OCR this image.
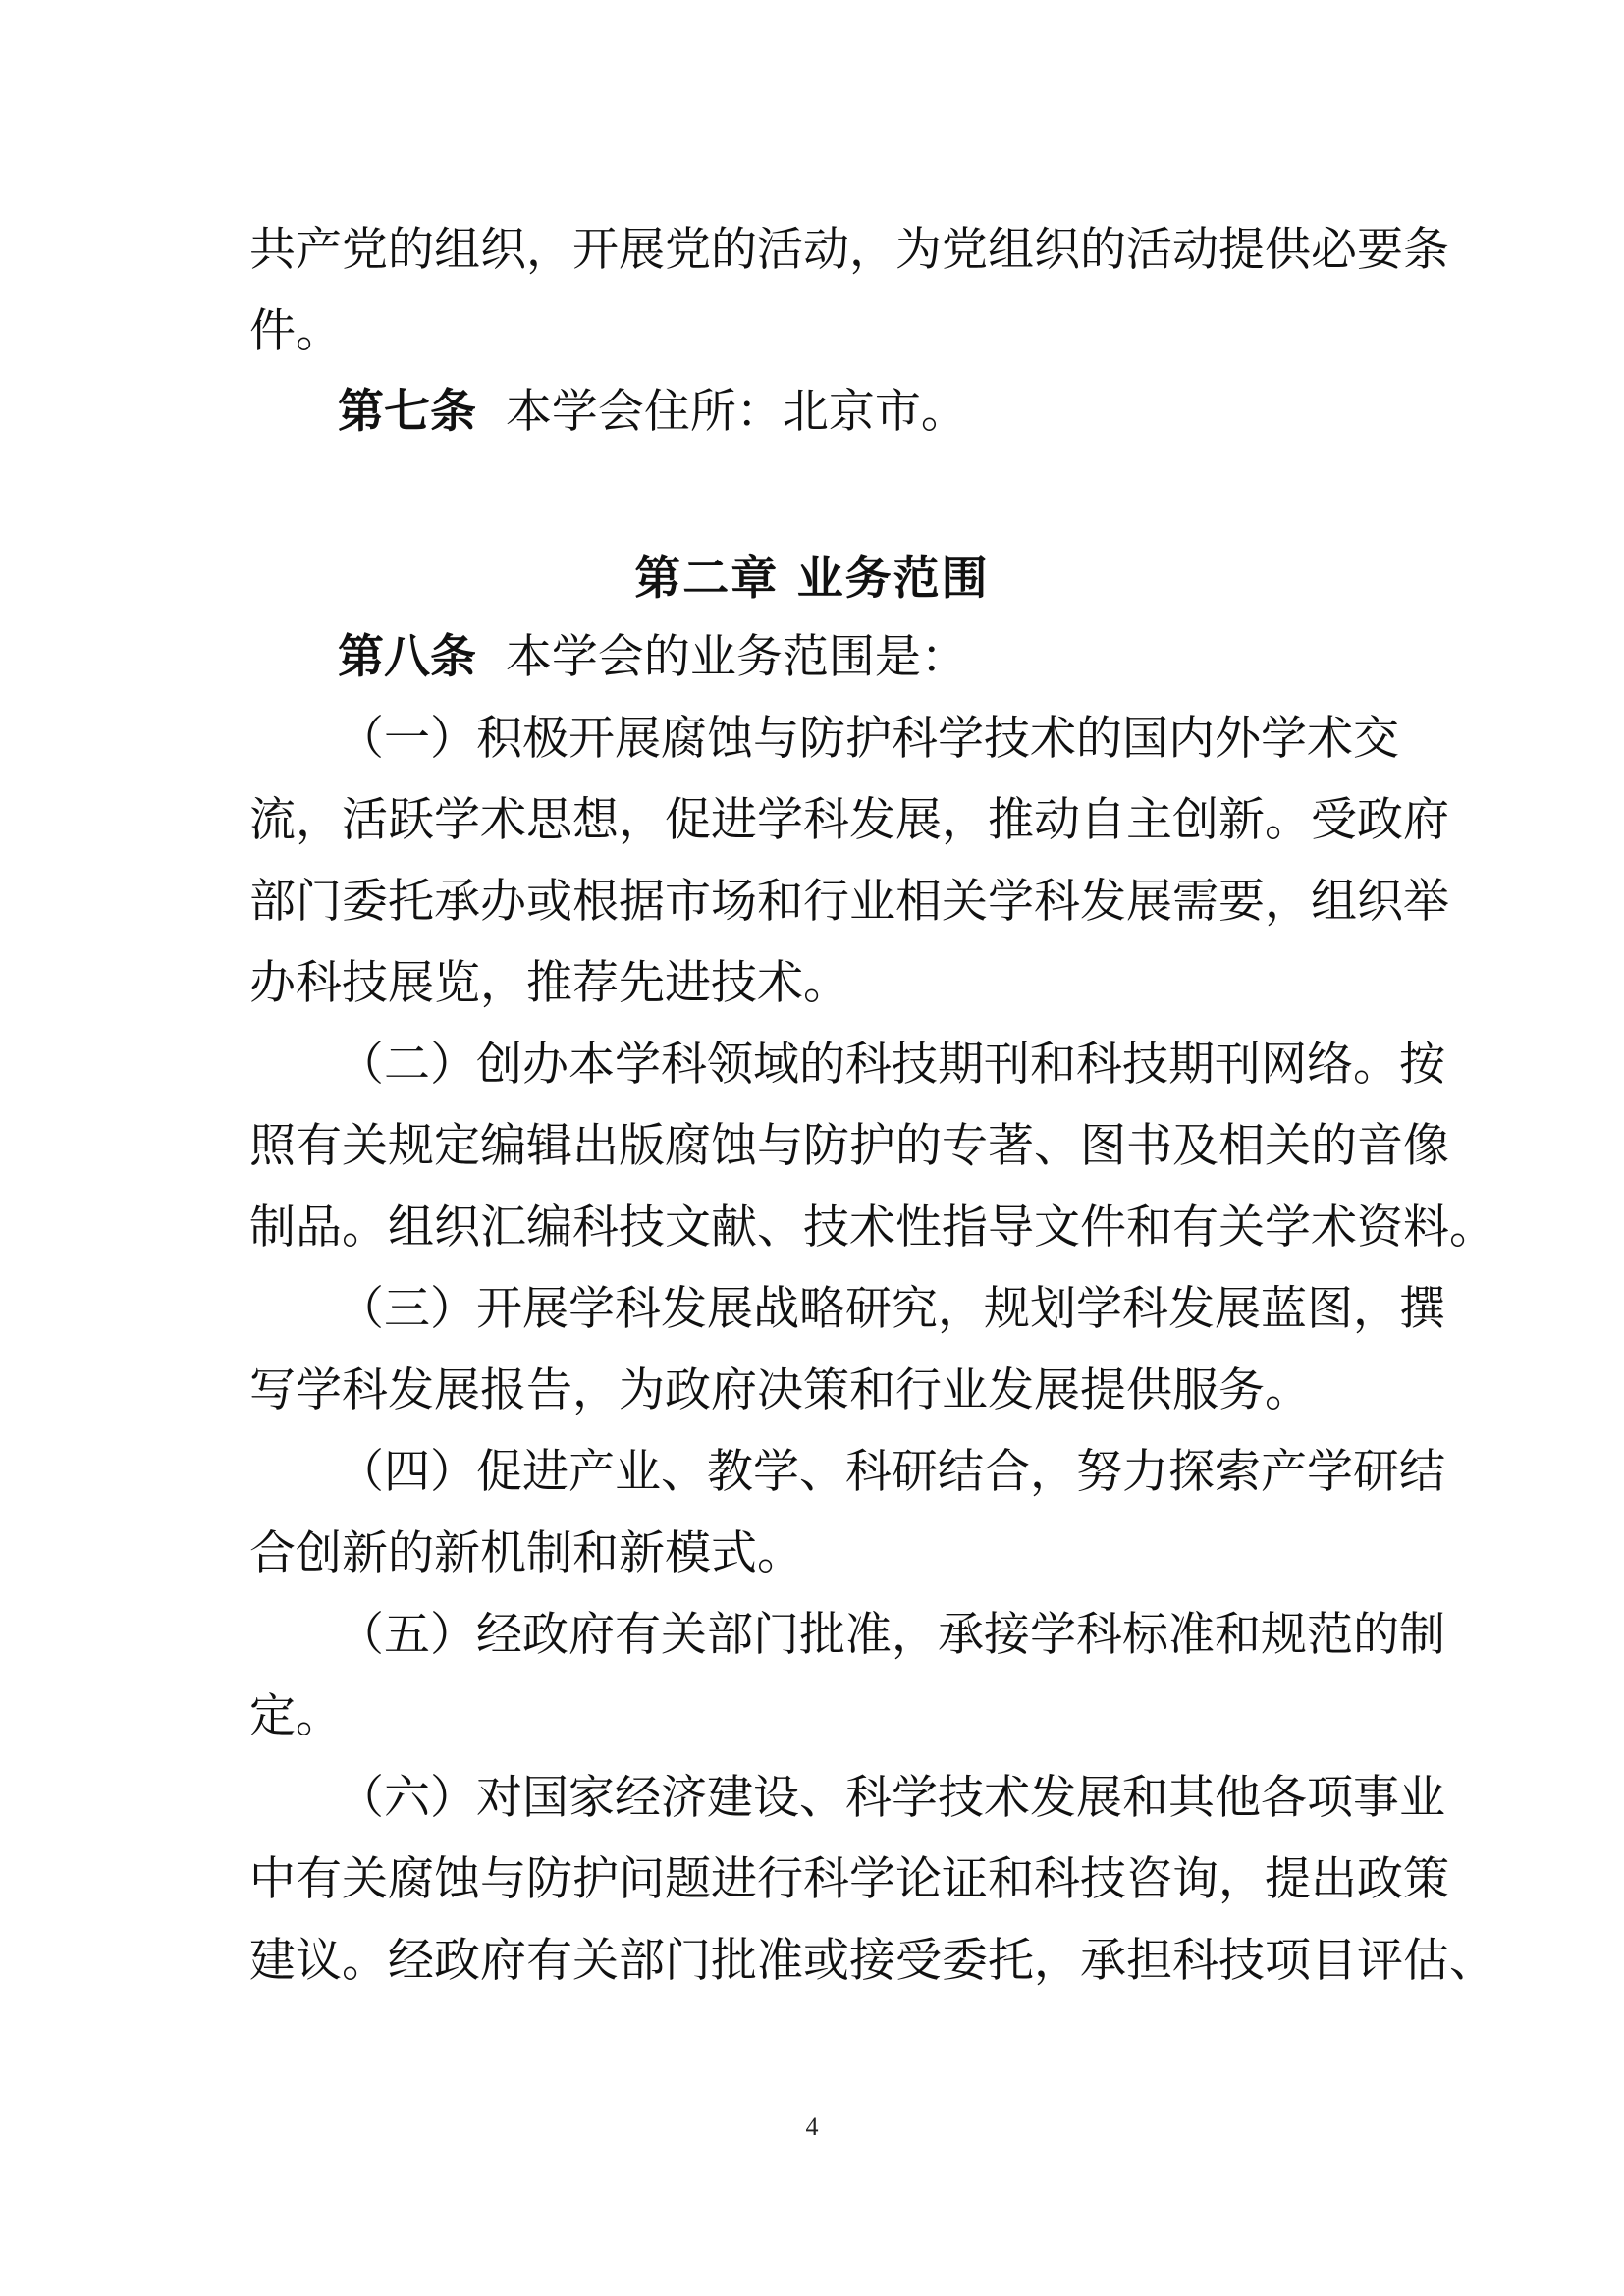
共产党的组织，开展党的活动，为党组织的活动提供必要条
件。
第七条 本学会住所：北京市。
第二章 业务范围
第八条 本学会的业务范围是：
（一）积极开展腐蚀与防护科学技术的国内外学术交
流，活跃学术思想，促进学科发展，推动自主创新。受政府
部门委托承办或根据市场和行业相关学科发展需要，组织举
办科技展览，推荐先进技术。
（二）创办本学科领域的科技期刊和科技期刊网络。按
照有关规定编辑出版腐蚀与防护的专著、图书及相关的音像
制品。组织汇编科技文献、技术性指导文件和有关学术资料。
（三）开展学科发展战略研究，规划学科发展蓝图，撰
写学科发展报告，为政府决策和行业发展提供服务。
（四）促进产业、教学、科研结合，努力探索产学研结
合创新的新机制和新模式。
（五）经政府有关部门批准，承接学科标准和规范的制
定。
（六）对国家经济建设、科学技术发展和其他各项事业
中有关腐蚀与防护问题进行科学论证和科技咨询，提出政策
建议。经政府有关部门批准或接受委托，承担科技项目评估、
4
